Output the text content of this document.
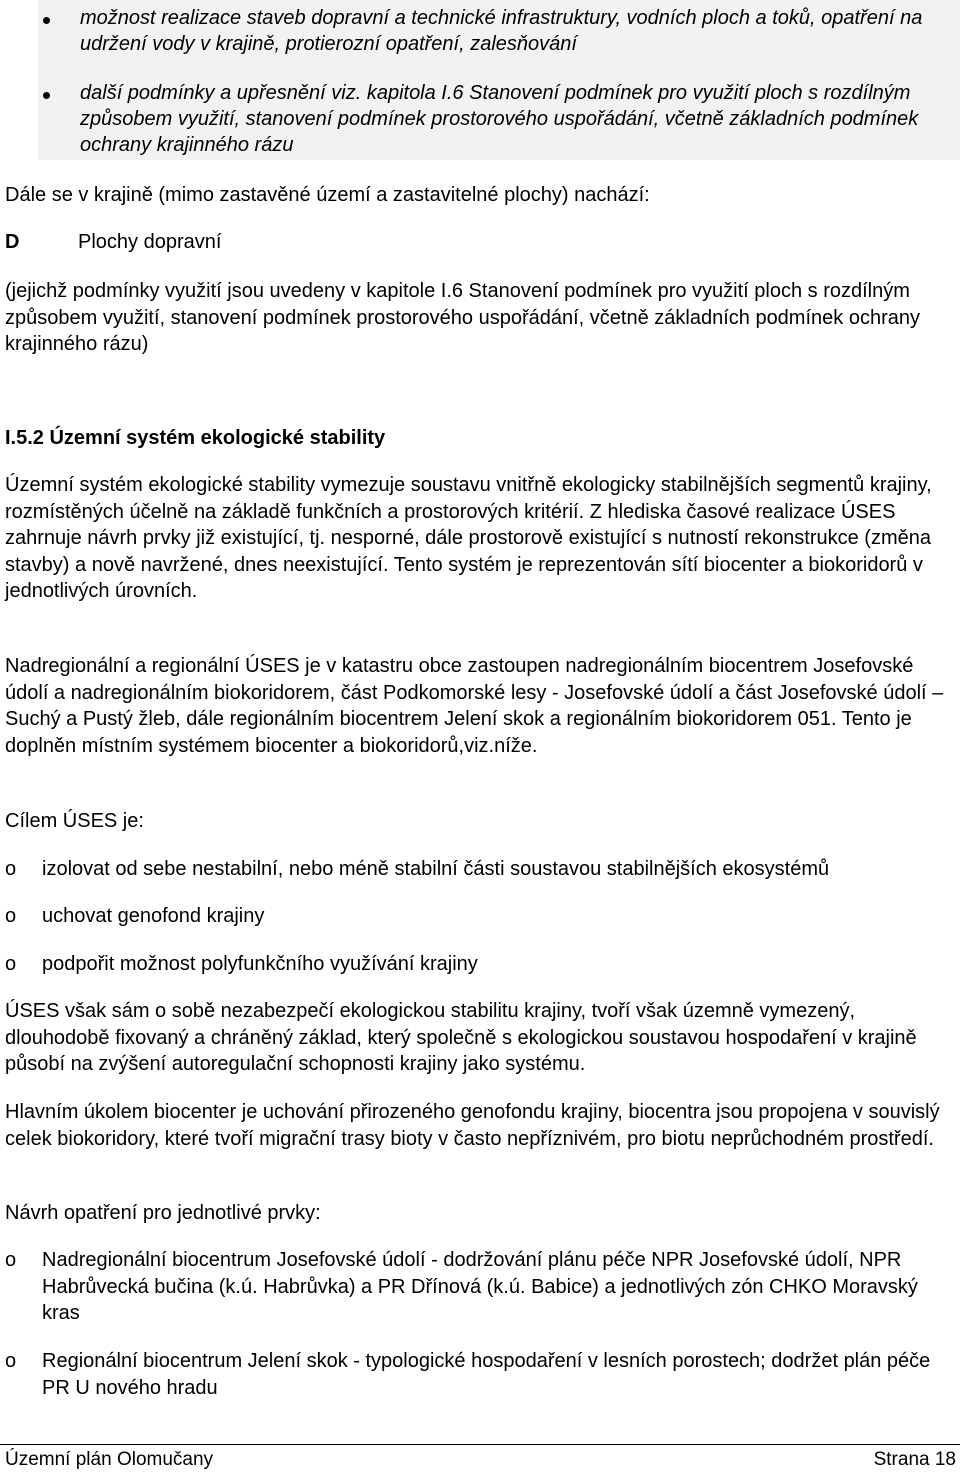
možnost realizace staveb dopravní a technické infrastruktury, vodních ploch a toků, opatření na udržení vody v krajině, protierozní opatření, zalesňování
další podmínky a upřesnění viz. kapitola I.6 Stanovení podmínek pro využití ploch s rozdílným způsobem využití, stanovení podmínek prostorového uspořádání, včetně základních podmínek ochrany krajinného rázu
Dále se v krajině (mimo zastavěné území a zastavitelné plochy) nachází:
D	Plochy dopravní
(jejichž podmínky využití jsou uvedeny v kapitole I.6 Stanovení podmínek pro využití ploch s rozdílným způsobem využití, stanovení podmínek prostorového uspořádání, včetně základních podmínek ochrany krajinného rázu)
I.5.2 Územní systém ekologické stability
Územní systém ekologické stability vymezuje soustavu vnitřně ekologicky stabilnějších segmentů krajiny, rozmístěných účelně na základě funkčních a prostorových kritérií. Z hlediska časové realizace ÚSES zahrnuje návrh prvky již existující, tj. nesporné, dále prostorově existující s nutností rekonstrukce (změna stavby) a nově navržené, dnes neexistující. Tento systém je reprezentován sítí biocenter a biokoridorů v jednotlivých úrovních.
Nadregionální a regionální ÚSES je v katastru obce zastoupen nadregionálním biocentrem Josefovské údolí a nadregionálním biokoridorem, část Podkomorské lesy - Josefovské údolí a část Josefovské údolí – Suchý a Pustý žleb, dále regionálním biocentrem Jelení skok a regionálním biokoridorem 051. Tento je doplněn místním systémem biocenter a biokoridorů,viz.níže.
Cílem ÚSES je:
o izolovat od sebe nestabilní, nebo méně stabilní části soustavou stabilnějších ekosystémů
o uchovat genofond krajiny
o podpořit možnost polyfunkčního využívání krajiny
ÚSES však sám o sobě nezabezpečí ekologickou stabilitu krajiny, tvoří však územně vymezený, dlouhodobě fixovaný a chráněný základ, který společně s ekologickou soustavou hospodaření v krajině působí na zvýšení autoregulační schopnosti krajiny jako systému.
Hlavním úkolem biocenter je uchování přirozeného genofondu krajiny, biocentra jsou propojena v souvislý celek biokoridory, které tvoří migrační trasy bioty v často nepříznivém, pro biotu neprůchodném prostředí.
Návrh opatření pro jednotlivé prvky:
o Nadregionální biocentrum Josefovské údolí - dodržování plánu péče NPR Josefovské údolí, NPR Habrůvecká bučina (k.ú. Habrůvka) a PR Dřínová (k.ú. Babice) a jednotlivých zón CHKO Moravský kras
o Regionální biocentrum Jelení skok - typologické hospodaření v lesních porostech; dodržet plán péče PR U nového hradu
Územní plán Olomučany	Strana 18
